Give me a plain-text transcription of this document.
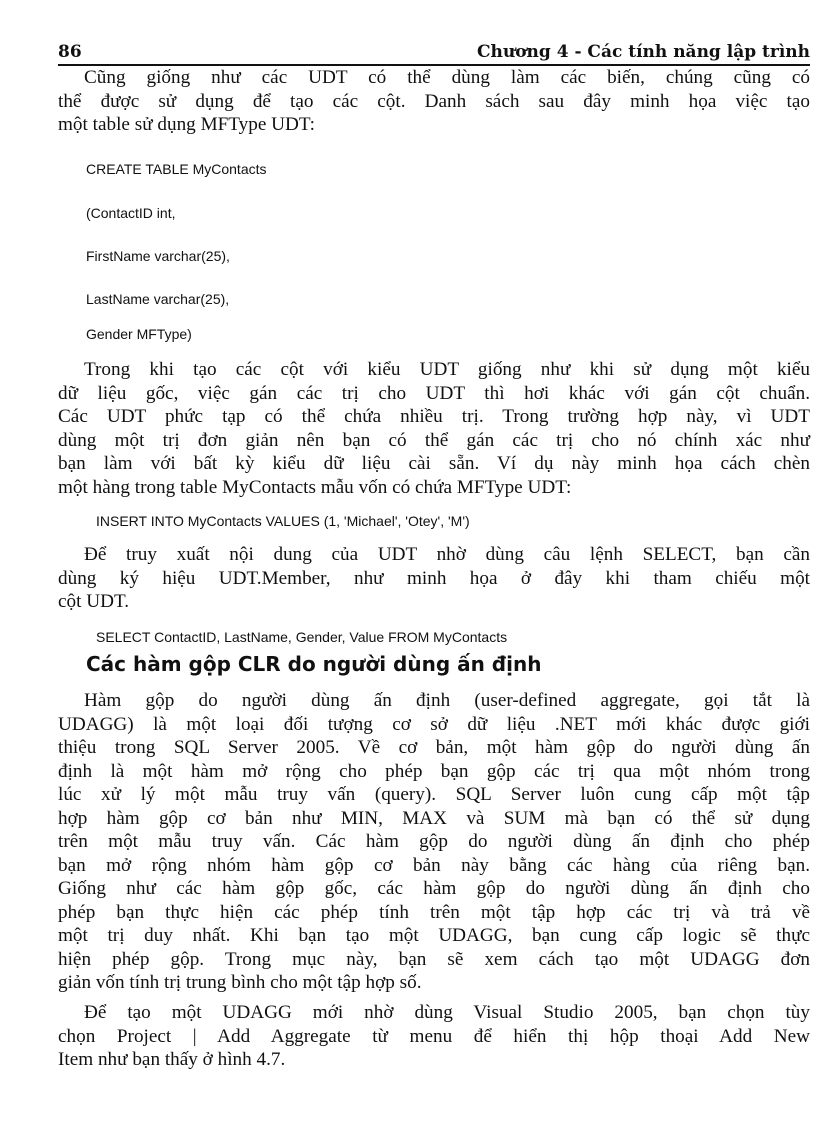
86	Chương 4 - Các tính năng lập trình
Cũng giống như các UDT có thể dùng làm các biến, chúng cũng có
thể được sử dụng để tạo các cột. Danh sách sau đây minh họa việc tạo
một table sử dụng MFType UDT:

CREATE TABLE MyContacts

(ContactID int,

FirstName varchar(25),

LastName varchar(25),

Gender MFType)

Trong khi tạo các cột với kiểu UDT giống như khi sử dụng một kiểu
dữ liệu gốc, việc gán các trị cho UDT thì hơi khác với gán cột chuẩn.
Các UDT phức tạp có thể chứa nhiều trị. Trong trường hợp này, vì UDT
dùng một trị đơn giản nên bạn có thể gán các trị cho nó chính xác như
bạn làm với bất kỳ kiểu dữ liệu cài sẵn. Ví dụ này minh họa cách chèn
một hàng trong table MyContacts mẫu vốn có chứa MFType UDT:

INSERT INTO MyContacts VALUES (1, 'Michael', 'Otey', 'M')

Để truy xuất nội dung của UDT nhờ dùng câu lệnh SELECT, bạn cần
dùng ký hiệu UDT.Member, như minh họa ở đây khi tham chiếu một
cột UDT.

SELECT ContactID, LastName, Gender, Value FROM MyContacts

Các hàm gộp CLR do người dùng ấn định
Hàm gộp do người dùng ấn định (user-defined aggregate, gọi tắt là
UDAGG) là một loại đối tượng cơ sở dữ liệu .NET mới khác được giới
thiệu trong SQL Server 2005. Về cơ bản, một hàm gộp do người dùng ấn
định là một hàm mở rộng cho phép bạn gộp các trị qua một nhóm trong
lúc xử lý một mẫu truy vấn (query). SQL Server luôn cung cấp một tập
hợp hàm gộp cơ bản như MIN, MAX và SUM mà bạn có thể sử dụng
trên một mẫu truy vấn. Các hàm gộp do người dùng ấn định cho phép
bạn mở rộng nhóm hàm gộp cơ bản này bằng các hàng của riêng bạn.
Giống như các hàm gộp gốc, các hàm gộp do người dùng ấn định cho
phép bạn thực hiện các phép tính trên một tập hợp các trị và trả về
một trị duy nhất. Khi bạn tạo một UDAGG, bạn cung cấp logic sẽ thực
hiện phép gộp. Trong mục này, bạn sẽ xem cách tạo một UDAGG đơn
giản vốn tính trị trung bình cho một tập hợp số.
Để tạo một UDAGG mới nhờ dùng Visual Studio 2005, bạn chọn tùy
chọn Project | Add Aggregate từ menu để hiển thị hộp thoại Add New
Item như bạn thấy ở hình 4.7.
